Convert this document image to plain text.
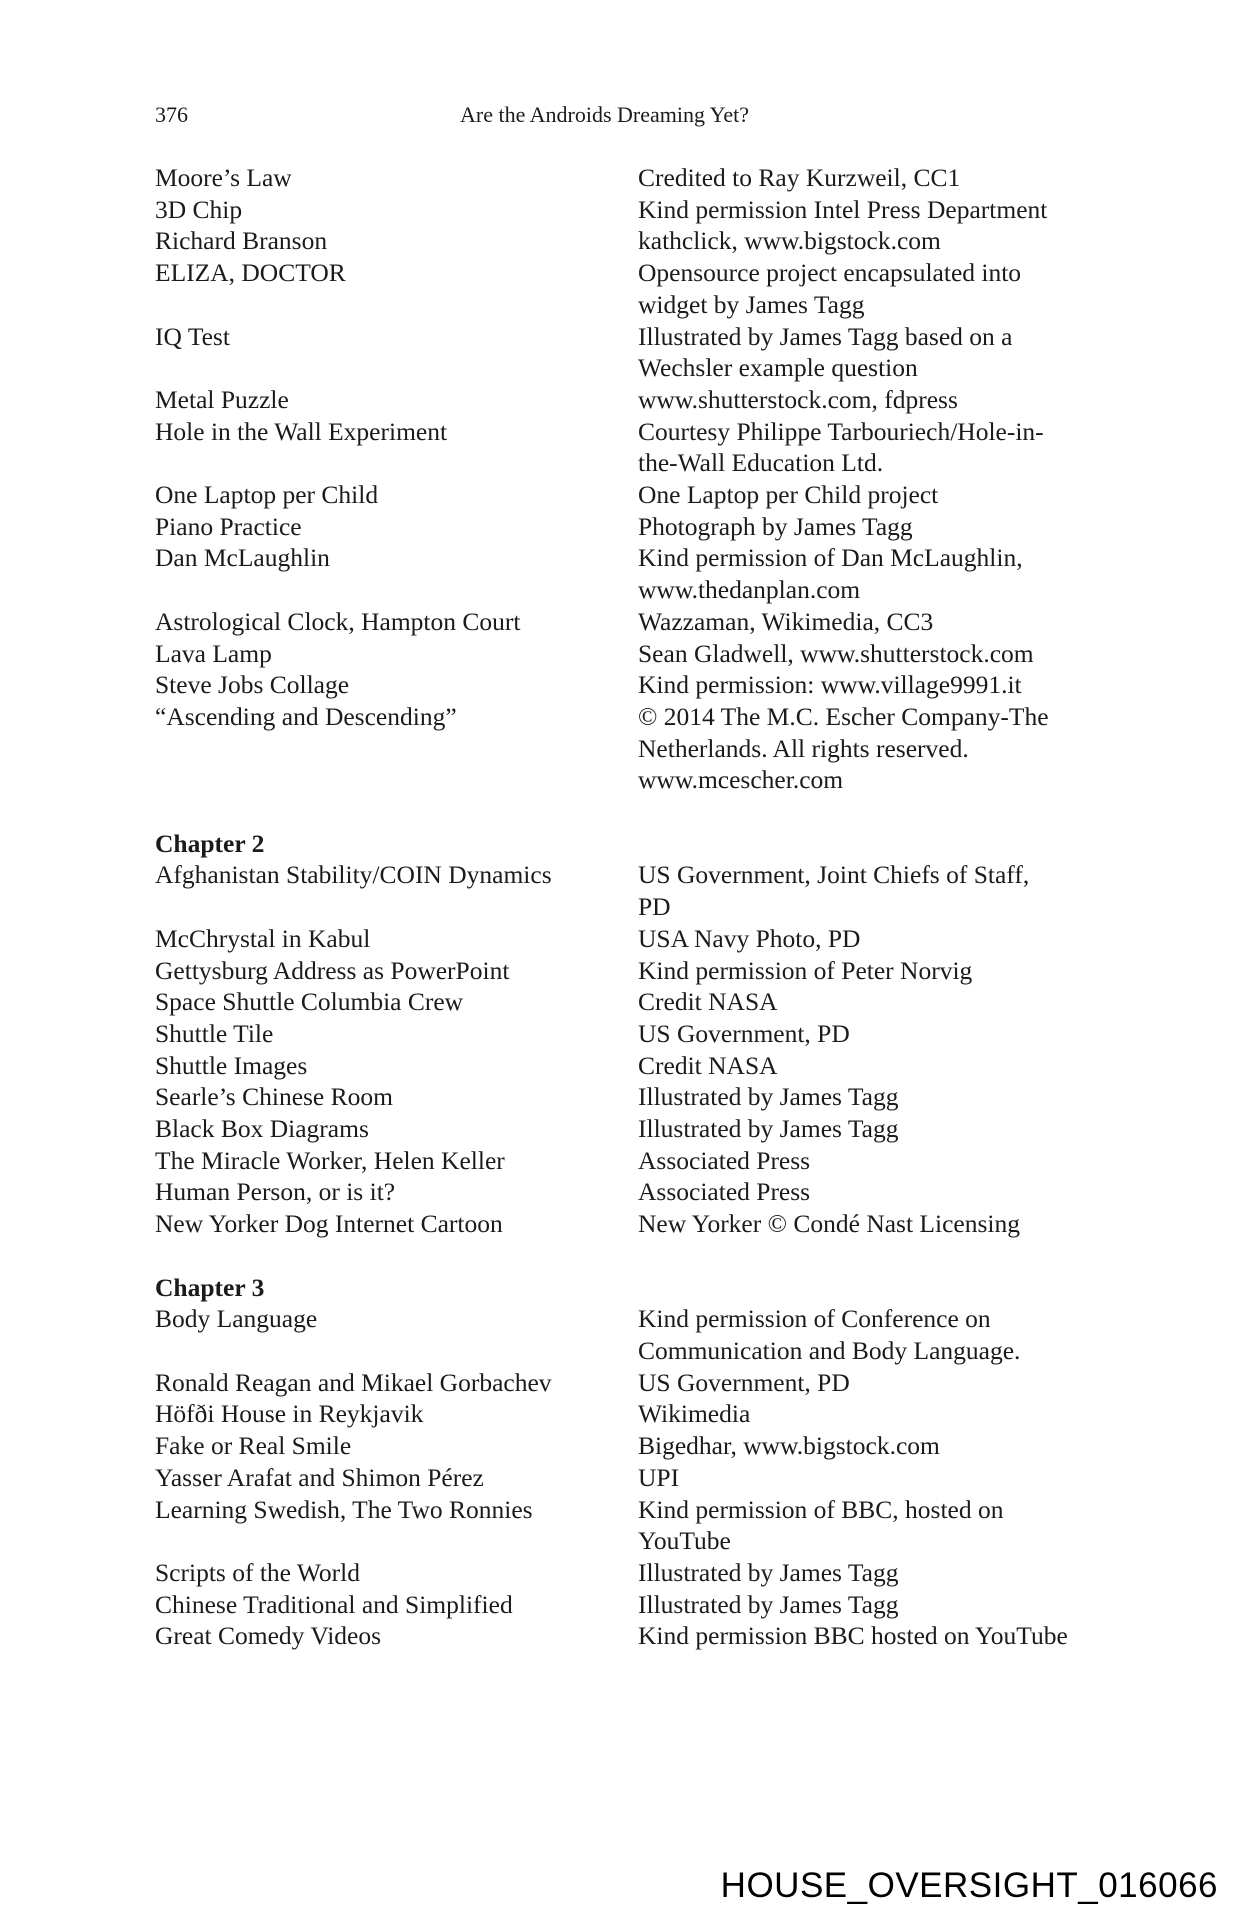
376	Are the Androids Dreaming Yet?
Moore’s Law	Credited to Ray Kurzweil, CC1
3D Chip	Kind permission Intel Press Department
Richard Branson	kathclick, www.bigstock.com
ELIZA, DOCTOR	Opensource project encapsulated into widget by James Tagg
IQ Test	Illustrated by James Tagg based on a Wechsler example question
Metal Puzzle	www.shutterstock.com, fdpress
Hole in the Wall Experiment	Courtesy Philippe Tarbouriech/Hole-in-the-Wall Education Ltd.
One Laptop per Child	One Laptop per Child project
Piano Practice	Photograph by James Tagg
Dan McLaughlin	Kind permission of Dan McLaughlin, www.thedanplan.com
Astrological Clock, Hampton Court	Wazzaman, Wikimedia, CC3
Lava Lamp	Sean Gladwell, www.shutterstock.com
Steve Jobs Collage	Kind permission: www.village9991.it
“Ascending and Descending”	© 2014 The M.C. Escher Company-The Netherlands. All rights reserved. www.mcescher.com
Chapter 2
Afghanistan Stability/COIN Dynamics	US Government, Joint Chiefs of Staff, PD
McChrystal in Kabul	USA Navy Photo, PD
Gettysburg Address as PowerPoint	Kind permission of Peter Norvig
Space Shuttle Columbia Crew	Credit NASA
Shuttle Tile	US Government, PD
Shuttle Images	Credit NASA
Searle’s Chinese Room	Illustrated by James Tagg
Black Box Diagrams	Illustrated by James Tagg
The Miracle Worker, Helen Keller	Associated Press
Human Person, or is it?	Associated Press
New Yorker Dog Internet Cartoon	New Yorker © Condé Nast Licensing
Chapter 3
Body Language	Kind permission of Conference on Communication and Body Language.
Ronald Reagan and Mikael Gorbachev	US Government, PD
Höfði House in Reykjavik	Wikimedia
Fake or Real Smile	Bigedhar, www.bigstock.com
Yasser Arafat and Shimon Pérez	UPI
Learning Swedish, The Two Ronnies	Kind permission of BBC, hosted on YouTube
Scripts of the World	Illustrated by James Tagg
Chinese Traditional and Simplified	Illustrated by James Tagg
Great Comedy Videos	Kind permission BBC hosted on YouTube
HOUSE_OVERSIGHT_016066
